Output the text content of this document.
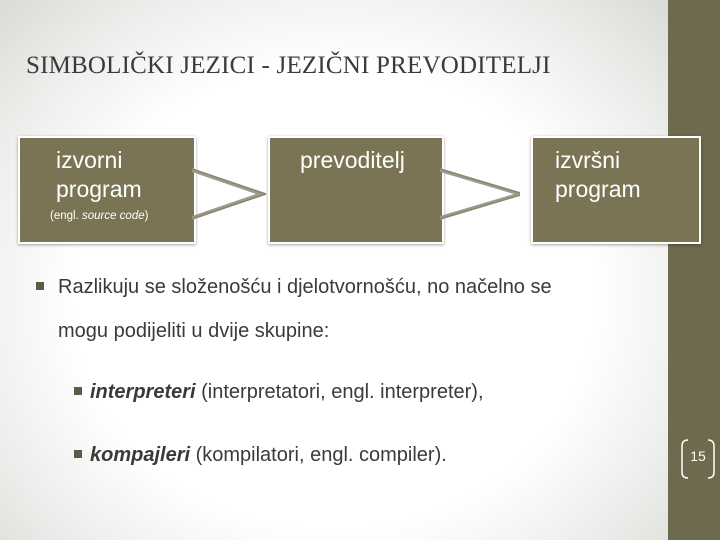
SIMBOLIČKI JEZICI - JEZIČNI PREVODITELJI
izvorni program
(engl. source code)
prevoditelj	izvršni program
Razlikuju se složenošću i djelotvornošću, no načelno se
mogu podijeliti u dvije skupine:
interpreteri (interpretatori, engl. interpreter),
kompajleri (kompilatori, engl. compiler).	15
